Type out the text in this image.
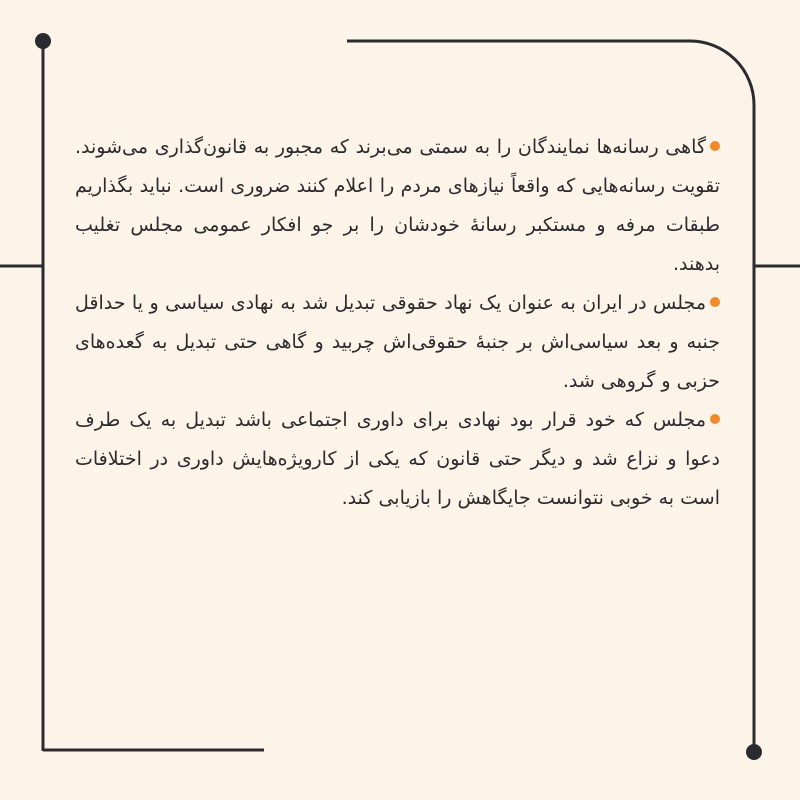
گاهی رسانه‌ها نمایندگان را به سمتی می‌برند که مجبور به قانون‌گذاری می‌شوند. تقویت رسانه‌هایی که واقعاً نیازهای مردم را اعلام کنند ضروری است. نباید بگذاریم طبقات مرفه و مستکبر رسانهٔ خودشان را بر جو افکار عمومی مجلس تغلیب بدهند.

مجلس در ایران به عنوان یک نهاد حقوقی تبدیل شد به نهادی سیاسی و یا حداقل جنبه و بعد سیاسی‌اش بر جنبهٔ حقوقی‌اش چربید و گاهی حتی تبدیل به گعده‌های حزبی و گروهی شد.

مجلس که خود قرار بود نهادی برای داوری اجتماعی باشد تبدیل به یک طرف دعوا و نزاع شد و دیگر حتی قانون که یکی از کارویژه‌هایش داوری در اختلافات است به خوبی نتوانست جایگاهش را بازیابی کند.
